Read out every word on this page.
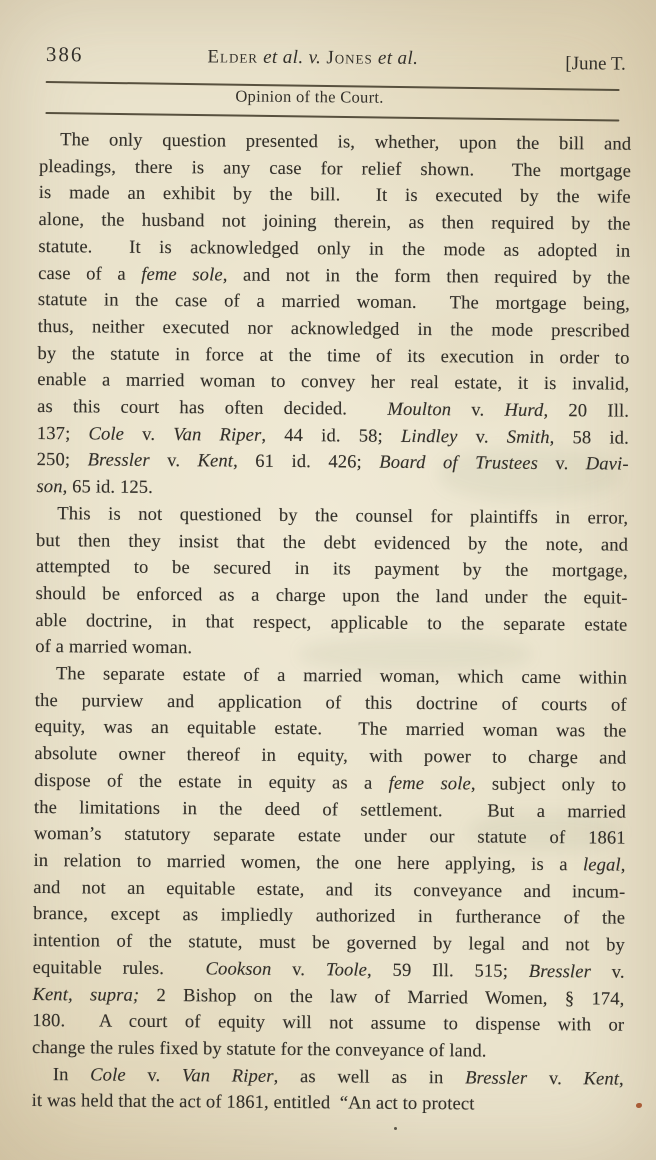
386	Elder et al. v. Jones et al.	[June T.
Opinion of the Court.
The only question presented is, whether, upon the bill and
pleadings, there is any case for relief shown.  The mortgage
is made an exhibit by the bill.  It is executed by the wife
alone, the husband not joining therein, as then required by the
statute.  It is acknowledged only in the mode as adopted in
case of a feme sole, and not in the form then required by the
statute in the case of a married woman.  The mortgage being,
thus, neither executed nor acknowledged in the mode prescribed
by the statute in force at the time of its execution in order to
enable a married woman to convey her real estate, it is invalid,
as this court has often decided.  Moulton v. Hurd, 20 Ill.
137; Cole v. Van Riper, 44 id. 58; Lindley v. Smith, 58 id.
250; Bressler v. Kent, 61 id. 426; Board of Trustees v. Davi-
son, 65 id. 125.
This is not questioned by the counsel for plaintiffs in error,
but then they insist that the debt evidenced by the note, and
attempted to be secured in its payment by the mortgage,
should be enforced as a charge upon the land under the equit-
able doctrine, in that respect, applicable to the separate estate
of a married woman.
The separate estate of a married woman, which came within
the purview and application of this doctrine of courts of
equity, was an equitable estate.  The married woman was the
absolute owner thereof in equity, with power to charge and
dispose of the estate in equity as a feme sole, subject only to
the limitations in the deed of settlement.  But a married
woman’s statutory separate estate under our statute of 1861
in relation to married women, the one here applying, is a legal,
and not an equitable estate, and its conveyance and incum-
brance, except as impliedly authorized in furtherance of the
intention of the statute, must be governed by legal and not by
equitable rules.  Cookson v. Toole, 59 Ill. 515; Bressler v.
Kent, supra; 2 Bishop on the law of Married Women, § 174,
180.  A court of equity will not assume to dispense with or
change the rules fixed by statute for the conveyance of land.
In Cole v. Van Riper, as well as in Bressler v. Kent,
it was held that the act of 1861, entitled  “An act to protect
